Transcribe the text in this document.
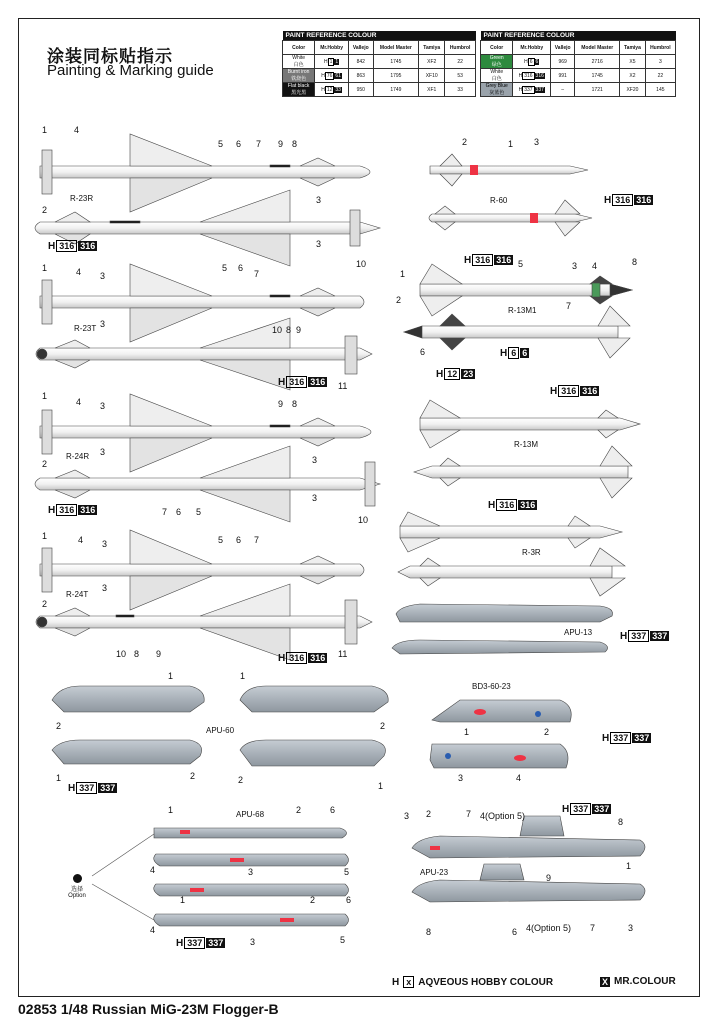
涂装同标贴指示
Painting & Marking guide
PAINT REFERENCE COLOUR					
Color	Mr.Hobby	Vallejo	Model Master	Tamiya	Humbrol
White
白色	H 1 1	842	1745	XF2	22
Burnt iron
铁烧色	H 76 61	863	1795	XF10	53
Flat black
黑光黑	H 12 33	950	1749	XF1	33
PAINT REFERENCE COLOUR					
Color	Mr.Hobby	Vallejo	Model Master	Tamiya	Humbrol
Green
绿色	H 6 6	969	2716	X5	3
White
白色	H 316 316	991	1745	X2	22
Grey Blue
灰蓝色	H 337 337	–	1721	XF20	145
R-23R
R-23T
R-24R
R-24T
R-60
R-13M1
R-13M
R-3R
APU-13
APU-60
BD3-60-23
APU-68
APU-23
H 316 316
H 316 316
H 316 316
H 316 316
H 316 316
H 316 316
H 6 6
H 12 23
H 316 316
H 316 316
H 337 337
H 337 337
H 337 337
H 337 337
H 337 337
1	4
5 6 7 9 8
2
3
3
10
1	4 3
5 6
7
3
10 8 9
11
1
4 3	9 8
3
2	3
3
7 6 5
10
1	4 3	5 6 7
3
2
10 8 9	11
2	1 3
1
2
5	3 4	8
7
6
1	1
2	2
2
1	2
1
1	2
3	4
1	2	6
4	3	5
1	2	6
4
3	5
3 2	7 4(Option 5)
8
9
1
8	6 4(Option 5) 7	3
选择
Option
H x AQVEOUS HOBBY COLOUR	X MR.COLOUR
02853 1/48 Russian MiG-23M Flogger-B
